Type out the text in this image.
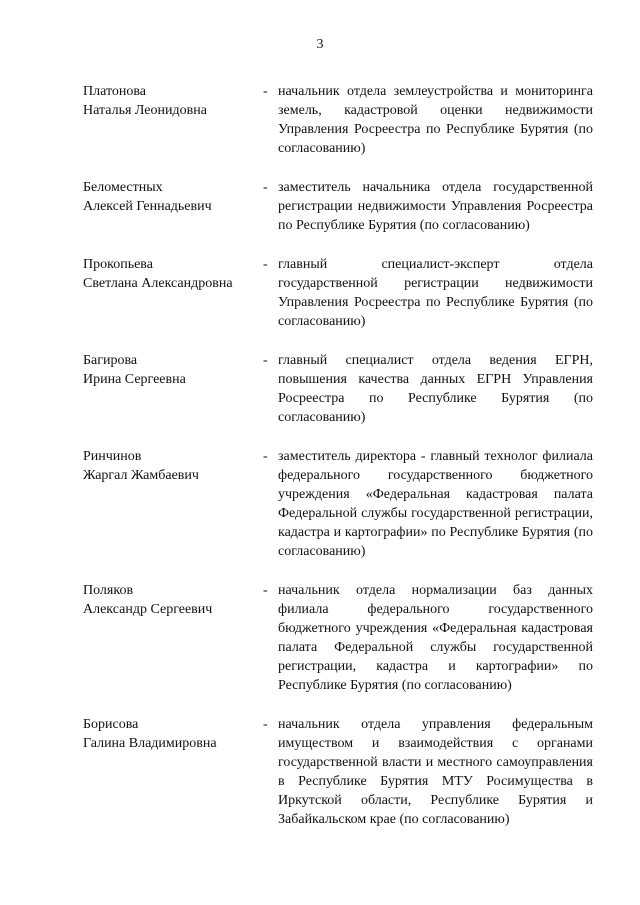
3
Платонова
Наталья Леонидовна
- начальник отдела землеустройства и мониторинга земель, кадастровой оценки недвижимости Управления Росреестра по Республике Бурятия (по согласованию)
Беломестных
Алексей Геннадьевич
- заместитель начальника отдела государственной регистрации недвижимости Управления Росреестра по Республике Бурятия (по согласованию)
Прокопьева
Светлана Александровна
- главный специалист-эксперт отдела государственной регистрации недвижимости Управления Росреестра по Республике Бурятия (по согласованию)
Багирова
Ирина Сергеевна
- главный специалист отдела ведения ЕГРН, повышения качества данных ЕГРН Управления Росреестра по Республике Бурятия (по согласованию)
Ринчинов
Жаргал Жамбаевич
- заместитель директора - главный технолог филиала федерального государственного бюджетного учреждения «Федеральная кадастровая палата Федеральной службы государственной регистрации, кадастра и картографии» по Республике Бурятия (по согласованию)
Поляков
Александр Сергеевич
- начальник отдела нормализации баз данных филиала федерального государственного бюджетного учреждения «Федеральная кадастровая палата Федеральной службы государственной регистрации, кадастра и картографии» по Республике Бурятия (по согласованию)
Борисова
Галина Владимировна
- начальник отдела управления федеральным имуществом и взаимодействия с органами государственной власти и местного самоуправления в Республике Бурятия МТУ Росимущества в Иркутской области, Республике Бурятия и Забайкальском крае (по согласованию)
